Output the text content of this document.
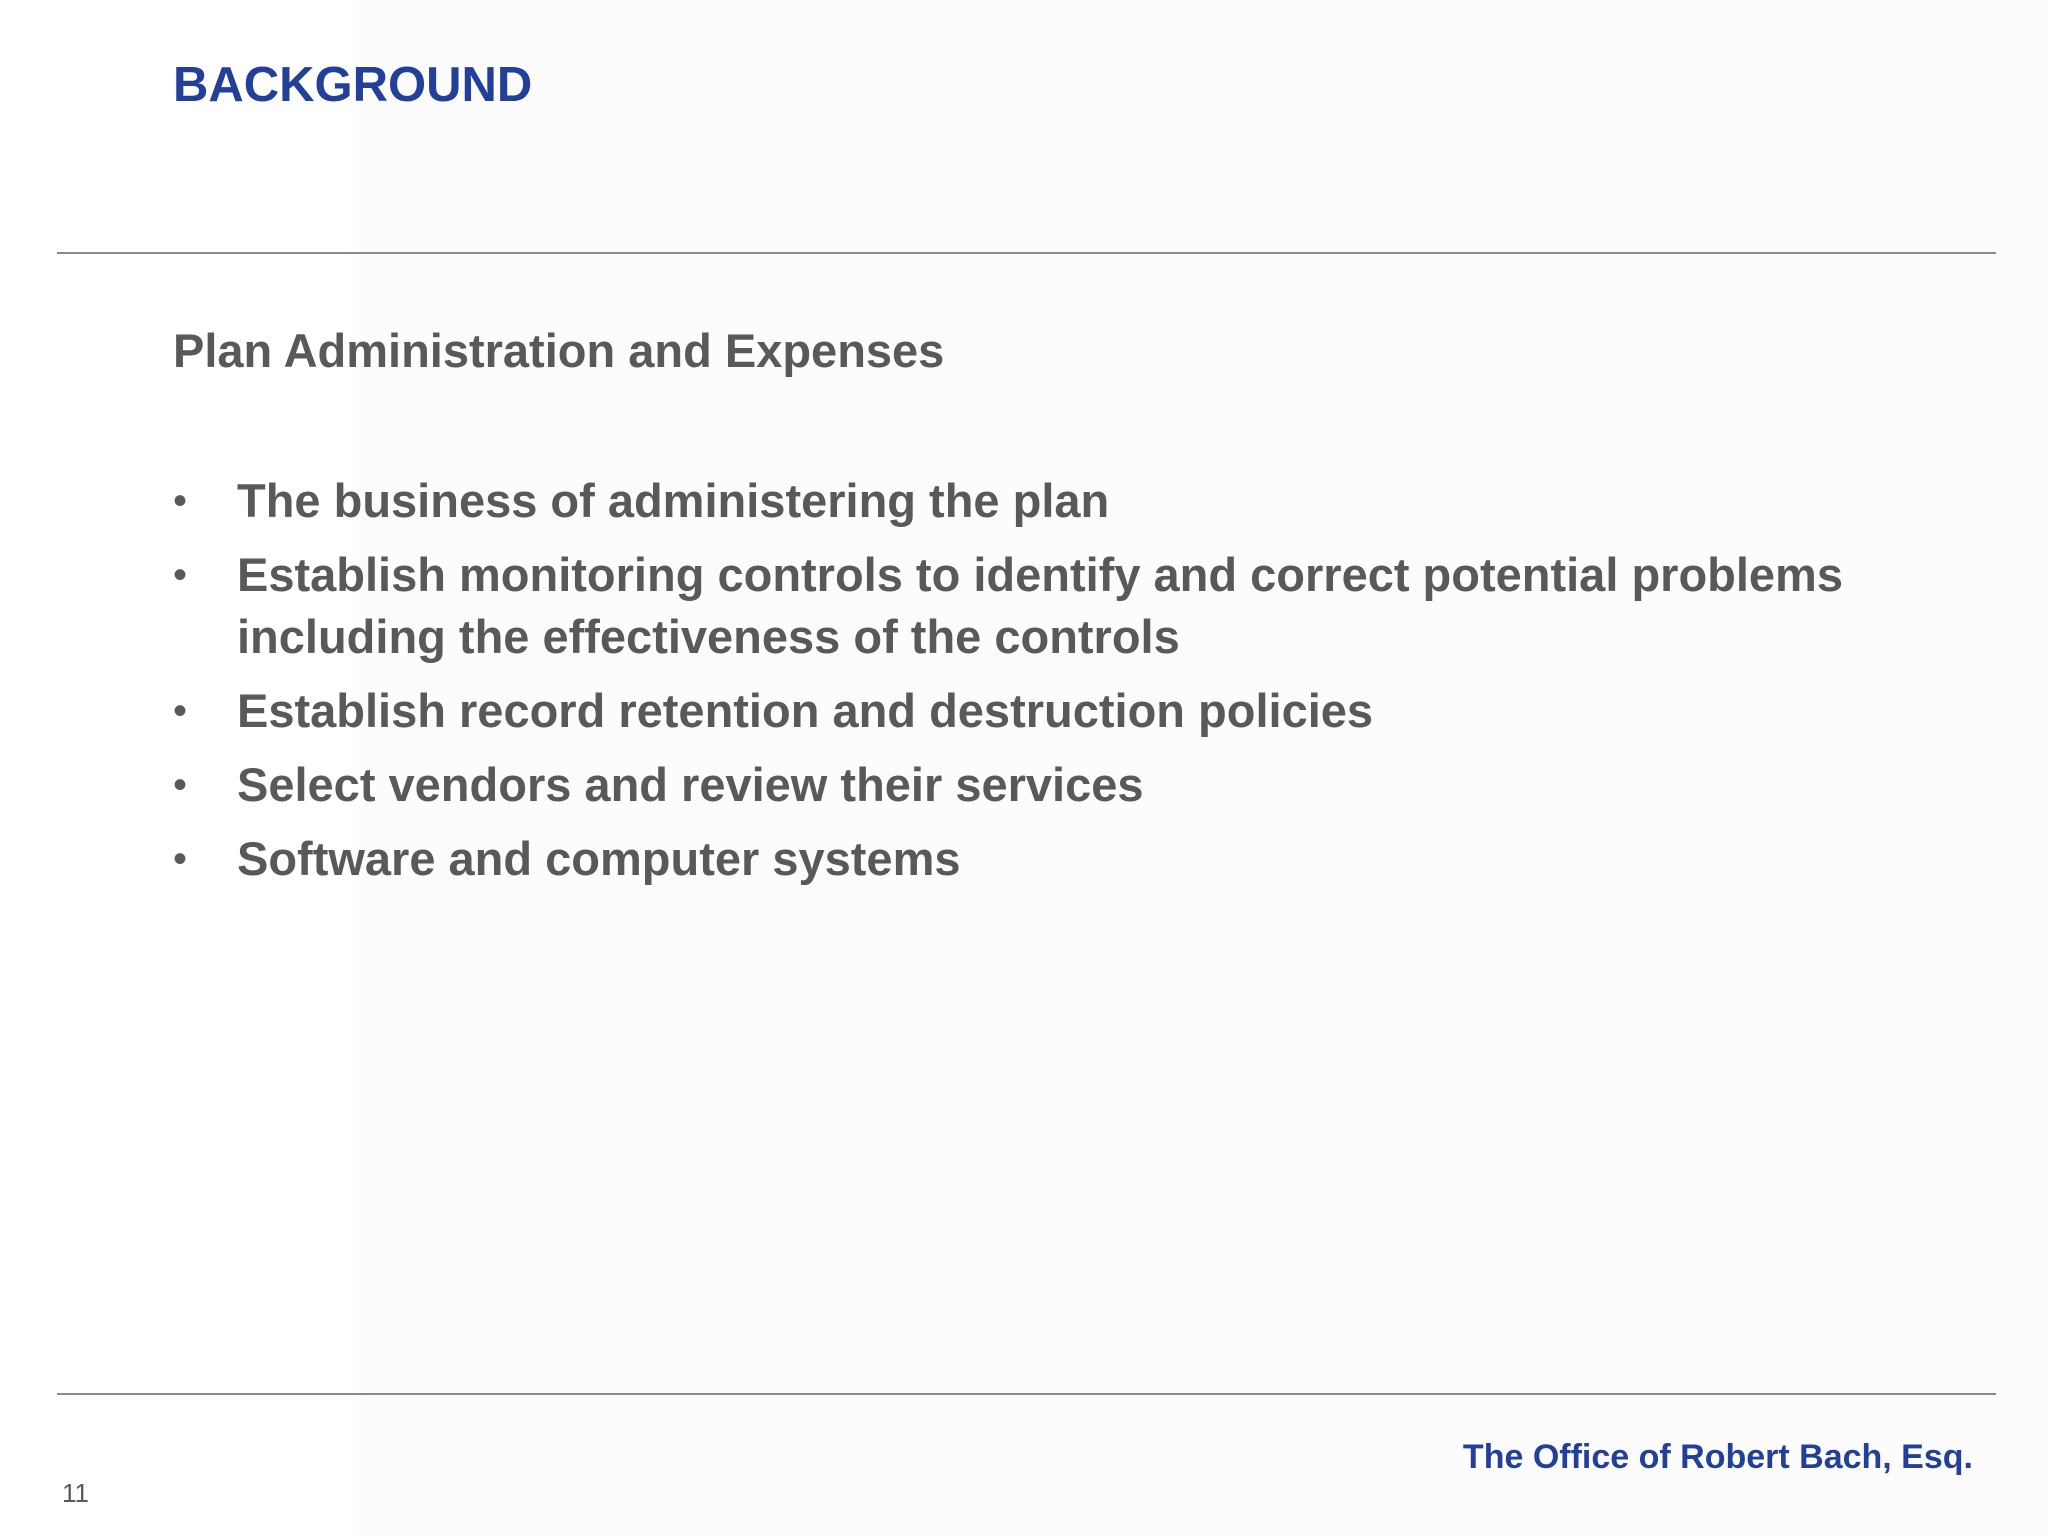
BACKGROUND
Plan Administration and Expenses
• The business of administering the plan
• Establish monitoring controls to identify and correct potential problems including the effectiveness of the controls
• Establish record retention and destruction policies
• Select vendors and review their services
• Software and computer systems
The Office of Robert Bach, Esq.
11
